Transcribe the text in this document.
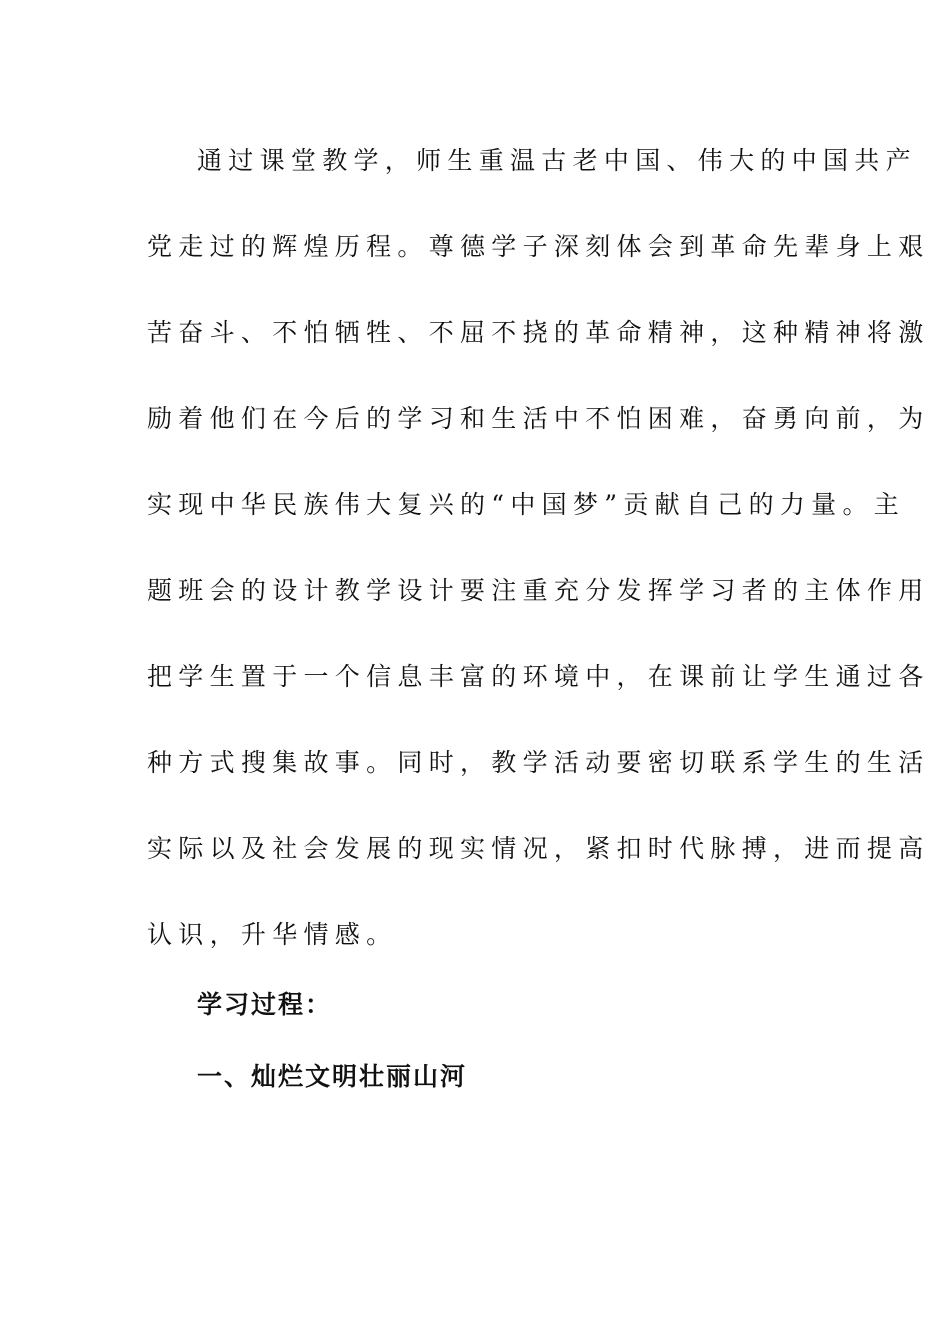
通过课堂教学，师生重温古老中国、伟大的中国共产
党走过的辉煌历程。尊德学子深刻体会到革命先辈身上艰
苦奋斗、不怕牺牲、不屈不挠的革命精神，这种精神将激
励着他们在今后的学习和生活中不怕困难，奋勇向前，为
实现中华民族伟大复兴的“中国梦”贡献自己的力量。主
题班会的设计教学设计要注重充分发挥学习者的主体作用
把学生置于一个信息丰富的环境中，在课前让学生通过各
种方式搜集故事。同时，教学活动要密切联系学生的生活
实际以及社会发展的现实情况，紧扣时代脉搏，进而提高
认识，升华情感。
学习过程：
一、灿烂文明壮丽山河
